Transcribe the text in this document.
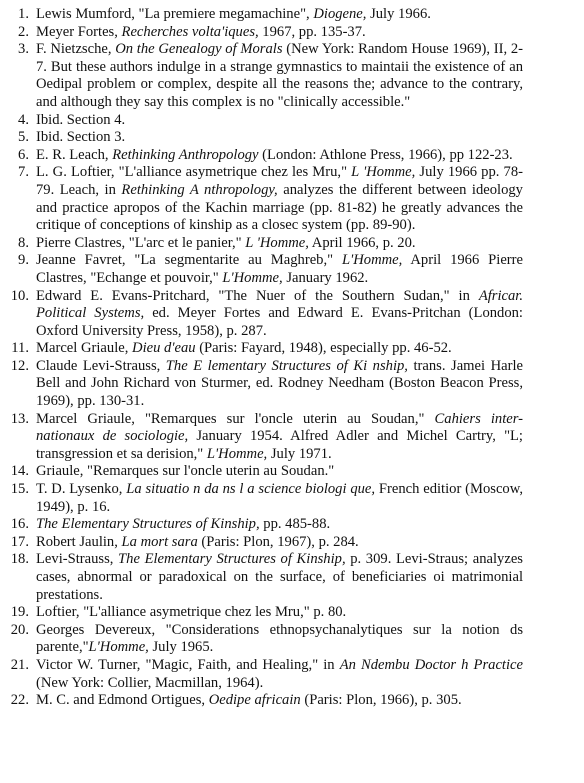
1. Lewis Mumford, "La premiere megamachine", Diogene, July 1966.
2. Meyer Fortes, Recherches volta'iques, 1967, pp. 135-37.
3. F. Nietzsche, On the Genealogy of Morals (New York: Random House 1969), II, 2-7. But these authors indulge in a strange gymnastics to maintaii the existence of an Oedipal problem or complex, despite all the reasons the; advance to the contrary, and although they say this complex is no "clinically accessible."
4. Ibid. Section 4.
5. Ibid. Section 3.
6. E. R. Leach, Rethinking Anthropology (London: Athlone Press, 1966), pp 122-23.
7. L. G. Loftier, "L'alliance asymetrique chez les Mru," L 'Homme, July 1966 pp. 78-79. Leach, in Rethinking A nthropology, analyzes the different between ideology and practice apropos of the Kachin marriage (pp. 81-82) he greatly advances the critique of conceptions of kinship as a closec system (pp. 89-90).
8. Pierre Clastres, "L'arc et le panier," L 'Homme, April 1966, p. 20.
9. Jeanne Favret, "La segmentarite au Maghreb," L'Homme, April 1966 Pierre Clastres, "Echange et pouvoir," L'Homme, January 1962.
10. Edward E. Evans-Pritchard, "The Nuer of the Southern Sudan," in Africar. Political Systems, ed. Meyer Fortes and Edward E. Evans-Pritchan (London: Oxford University Press, 1958), p. 287.
11. Marcel Griaule, Dieu d'eau (Paris: Fayard, 1948), especially pp. 46-52.
12. Claude Levi-Strauss, The E lementary Structures of Ki nship, trans. Jamei Harle Bell and John Richard von Sturmer, ed. Rodney Needham (Boston Beacon Press, 1969), pp. 130-31.
13. Marcel Griaule, "Remarques sur l'oncle uterin au Soudan," Cahiers inter-nationaux de sociologie, January 1954. Alfred Adler and Michel Cartry, "L; transgression et sa derision," L'Homme, July 1971.
14. Griaule, "Remarques sur l'oncle uterin au Soudan."
15. T. D. Lysenko, La situatio n da ns l a science biologi que, French editior (Moscow, 1949), p. 16.
16. The Elementary Structures of Kinship, pp. 485-88.
17. Robert Jaulin, La mort sara (Paris: Plon, 1967), p. 284.
18. Levi-Strauss, The Elementary Structures of Kinship, p. 309. Levi-Straus; analyzes cases, abnormal or paradoxical on the surface, of beneficiaries oi matrimonial prestations.
19. Loftier, "L'alliance asymetrique chez les Mru," p. 80.
20. Georges Devereux, "Considerations ethnopsychanalytiques sur la notion ds parente,"L'Homme, July 1965.
21. Victor W. Turner, "Magic, Faith, and Healing," in An Ndembu Doctor h Practice (New York: Collier, Macmillan, 1964).
22. M. C. and Edmond Ortigues, Oedipe africain (Paris: Plon, 1966), p. 305.
